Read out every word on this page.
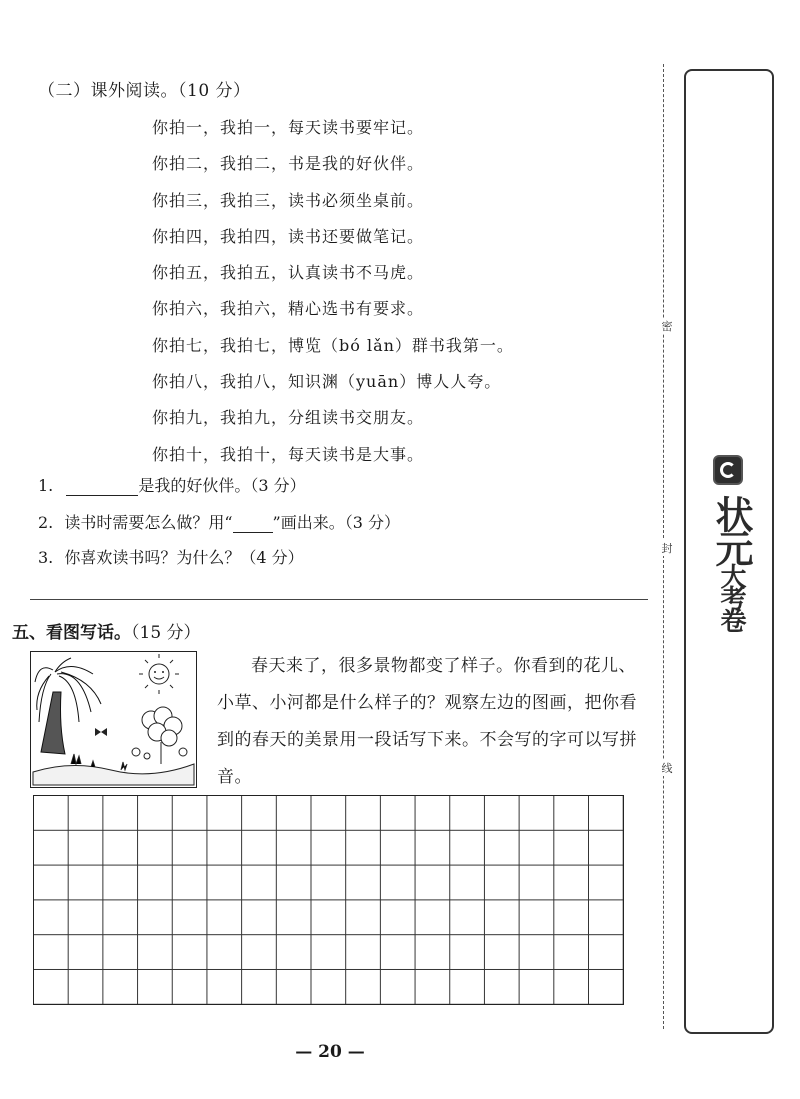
（二）课外阅读。（10 分）
你拍一，我拍一，每天读书要牢记。
你拍二，我拍二，书是我的好伙伴。
你拍三，我拍三，读书必须坐桌前。
你拍四，我拍四，读书还要做笔记。
你拍五，我拍五，认真读书不马虎。
你拍六，我拍六，精心选书有要求。
你拍七，我拍七，博览（bó lǎn）群书我第一。
你拍八，我拍八，知识渊（yuān）博人人夸。
你拍九，我拍九，分组读书交朋友。
你拍十，我拍十，每天读书是大事。
1.	是我的好伙伴。（3 分）
2. 读书时需要怎么做？用“	”画出来。（3 分）
3. 你喜欢读书吗？为什么？（4 分）
五、看图写话。（15 分）
春天来了，很多景物都变了样子。你看到的花儿、小草、小河都是什么样子的？观察左边的图画，把你看到的春天的美景用一段话写下来。不会写的字可以写拼音。
— 20 —
密
封
线
状元大考卷
